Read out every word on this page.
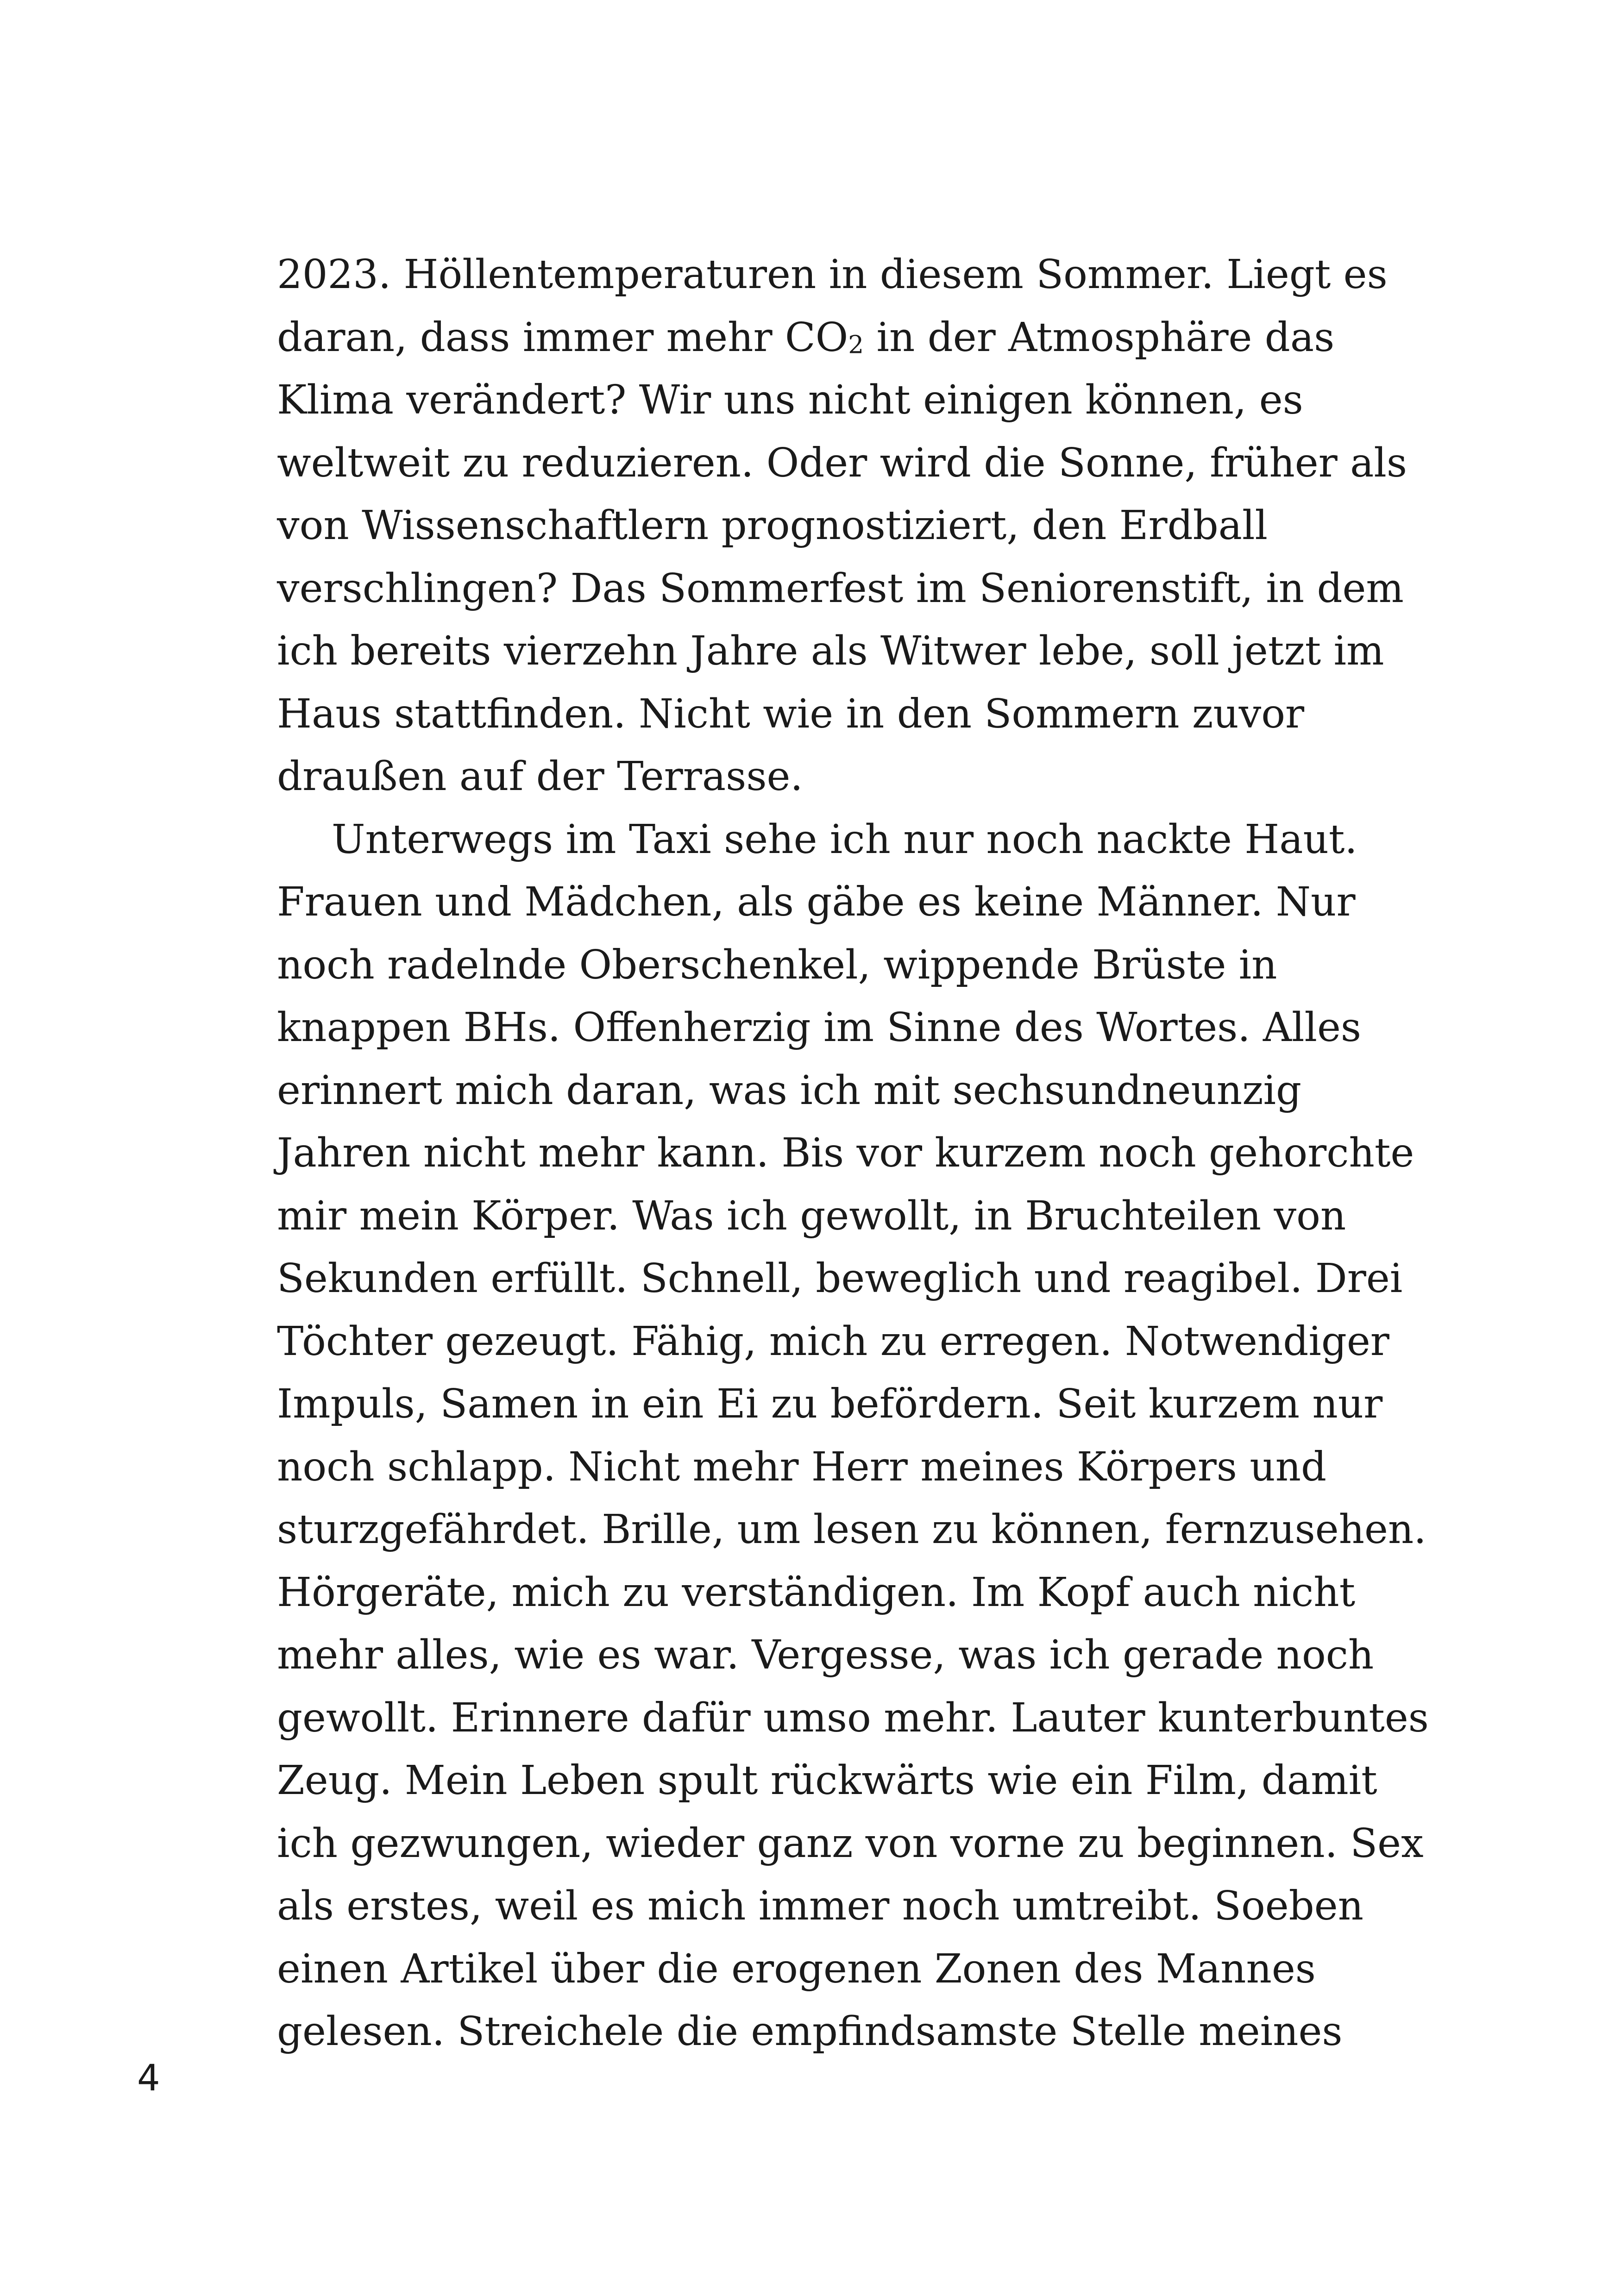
2023. Höllentemperaturen in diesem Sommer. Liegt es
daran, dass immer mehr CO2 in der Atmosphäre das
Klima verändert? Wir uns nicht einigen können, es
weltweit zu reduzieren. Oder wird die Sonne, früher als
von Wissenschaftlern prognostiziert, den Erdball
verschlingen? Das Sommerfest im Seniorenstift, in dem
ich bereits vierzehn Jahre als Witwer lebe, soll jetzt im
Haus stattfinden. Nicht wie in den Sommern zuvor
draußen auf der Terrasse.
Unterwegs im Taxi sehe ich nur noch nackte Haut.
Frauen und Mädchen, als gäbe es keine Männer. Nur
noch radelnde Oberschenkel, wippende Brüste in
knappen BHs. Offenherzig im Sinne des Wortes. Alles
erinnert mich daran, was ich mit sechsundneunzig
Jahren nicht mehr kann. Bis vor kurzem noch gehorchte
mir mein Körper. Was ich gewollt, in Bruchteilen von
Sekunden erfüllt. Schnell, beweglich und reagibel. Drei
Töchter gezeugt. Fähig, mich zu erregen. Notwendiger
Impuls, Samen in ein Ei zu befördern. Seit kurzem nur
noch schlapp. Nicht mehr Herr meines Körpers und
sturzgefährdet. Brille, um lesen zu können, fernzusehen.
Hörgeräte, mich zu verständigen. Im Kopf auch nicht
mehr alles, wie es war. Vergesse, was ich gerade noch
gewollt. Erinnere dafür umso mehr. Lauter kunterbuntes
Zeug. Mein Leben spult rückwärts wie ein Film, damit
ich gezwungen, wieder ganz von vorne zu beginnen. Sex
als erstes, weil es mich immer noch umtreibt. Soeben
einen Artikel über die erogenen Zonen des Mannes
gelesen. Streichele die empfindsamste Stelle meines
4
